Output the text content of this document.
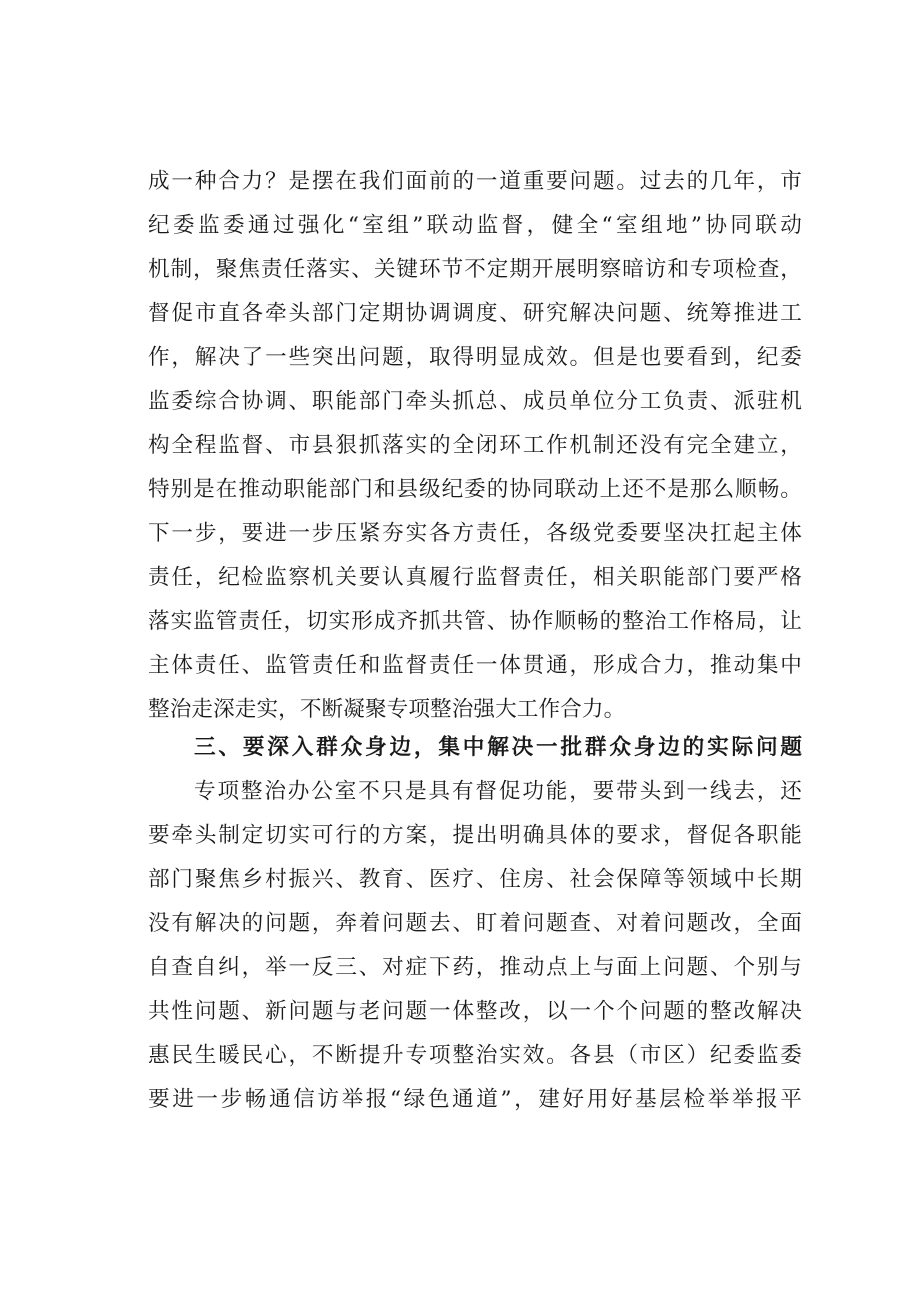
成一种合力？是摆在我们面前的一道重要问题。过去的几年，市
纪委监委通过强化“室组”联动监督，健全“室组地”协同联动
机制，聚焦责任落实、关键环节不定期开展明察暗访和专项检查，
督促市直各牵头部门定期协调调度、研究解决问题、统筹推进工
作，解决了一些突出问题，取得明显成效。但是也要看到，纪委
监委综合协调、职能部门牵头抓总、成员单位分工负责、派驻机
构全程监督、市县狠抓落实的全闭环工作机制还没有完全建立，
特别是在推动职能部门和县级纪委的协同联动上还不是那么顺畅。
下一步，要进一步压紧夯实各方责任，各级党委要坚决扛起主体
责任，纪检监察机关要认真履行监督责任，相关职能部门要严格
落实监管责任，切实形成齐抓共管、协作顺畅的整治工作格局，让
主体责任、监管责任和监督责任一体贯通，形成合力，推动集中
整治走深走实，不断凝聚专项整治强大工作合力。
三、要深入群众身边，集中解决一批群众身边的实际问题
专项整治办公室不只是具有督促功能，要带头到一线去，还
要牵头制定切实可行的方案，提出明确具体的要求，督促各职能
部门聚焦乡村振兴、教育、医疗、住房、社会保障等领域中长期
没有解决的问题，奔着问题去、盯着问题查、对着问题改，全面
自查自纠，举一反三、对症下药，推动点上与面上问题、个别与
共性问题、新问题与老问题一体整改，以一个个问题的整改解决
惠民生暖民心，不断提升专项整治实效。各县（市区）纪委监委
要进一步畅通信访举报“绿色通道”，建好用好基层检举举报平
